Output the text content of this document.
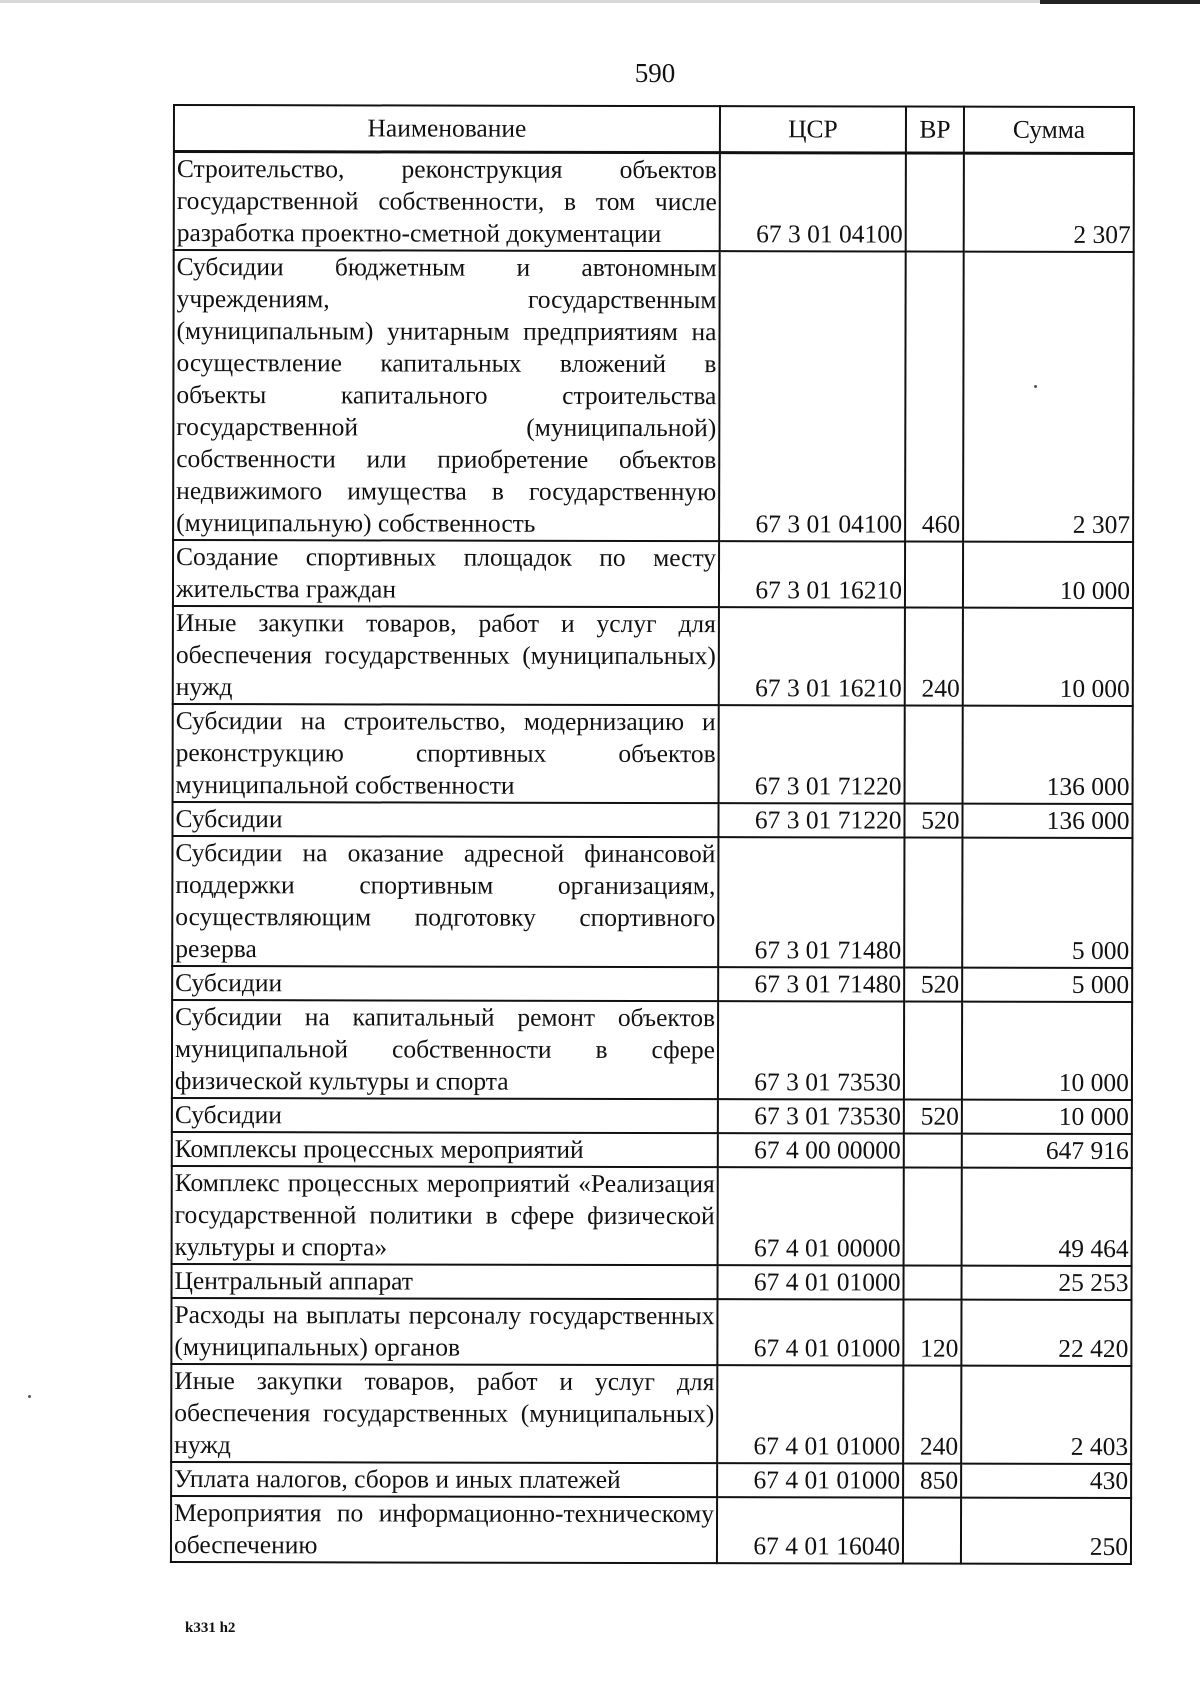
590
Наименование	ЦСР	ВР	Сумма
Строительство, реконструкция объектов государственной собственности, в том числе разработка проектно-сметной документации	67 3 01 04100		2 307
Субсидии бюджетным и автономным учреждениям, государственным (муниципальным) унитарным предприятиям на осуществление капитальных вложений в объекты капитального строительства государственной (муниципальной) собственности или приобретение объектов недвижимого имущества в государственную (муниципальную) собственность	67 3 01 04100	460	2 307
Создание спортивных площадок по месту жительства граждан	67 3 01 16210		10 000
Иные закупки товаров, работ и услуг для обеспечения государственных (муниципальных) нужд	67 3 01 16210	240	10 000
Субсидии на строительство, модернизацию и реконструкцию спортивных объектов муниципальной собственности	67 3 01 71220		136 000
Субсидии	67 3 01 71220	520	136 000
Субсидии на оказание адресной финансовой поддержки спортивным организациям, осуществляющим подготовку спортивного резерва	67 3 01 71480		5 000
Субсидии	67 3 01 71480	520	5 000
Субсидии на капитальный ремонт объектов муниципальной собственности в сфере физической культуры и спорта	67 3 01 73530		10 000
Субсидии	67 3 01 73530	520	10 000
Комплексы процессных мероприятий	67 4 00 00000		647 916
Комплекс процессных мероприятий «Реализация государственной политики в сфере физической культуры и спорта»	67 4 01 00000		49 464
Центральный аппарат	67 4 01 01000		25 253
Расходы на выплаты персоналу государственных (муниципальных) органов	67 4 01 01000	120	22 420
Иные закупки товаров, работ и услуг для обеспечения государственных (муниципальных) нужд	67 4 01 01000	240	2 403
Уплата налогов, сборов и иных платежей	67 4 01 01000	850	430
Мероприятия по информационно-техническому обеспечению	67 4 01 16040		250
k331 h2
